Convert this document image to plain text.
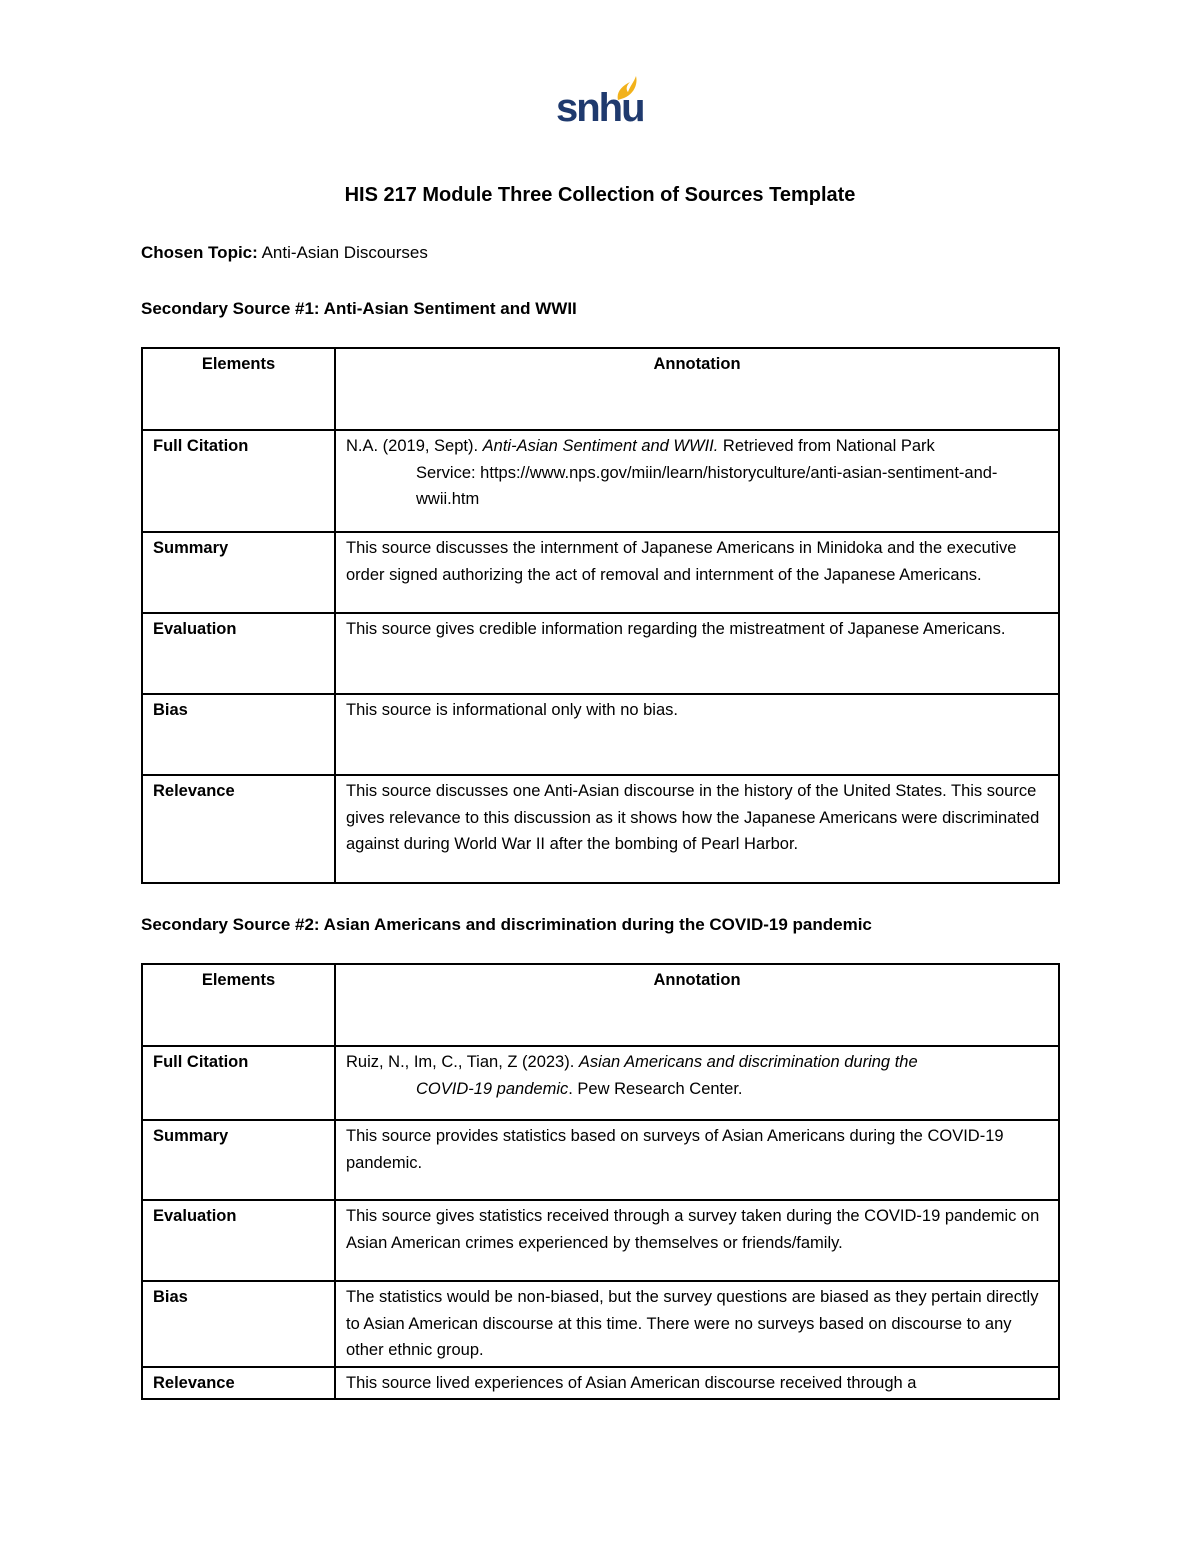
snhu
HIS 217 Module Three Collection of Sources Template
Chosen Topic: Anti-Asian Discourses
Secondary Source #1: Anti-Asian Sentiment and WWII
Elements	Annotation
Full Citation	N.A. (2019, Sept). Anti-Asian Sentiment and WWII. Retrieved from National Park
Service: https://www.nps.gov/miin/learn/historyculture/anti-asian-sentiment-and-wwii.htm

Summary	This source discusses the internment of Japanese Americans in Minidoka and the executive order signed authorizing the act of removal and internment of the Japanese Americans.
Evaluation	This source gives credible information regarding the mistreatment of Japanese Americans.
Bias	This source is informational only with no bias.
Relevance	This source discusses one Anti-Asian discourse in the history of the United States. This source gives relevance to this discussion as it shows how the Japanese Americans were discriminated against during World War II after the bombing of Pearl Harbor.
Secondary Source #2: Asian Americans and discrimination during the COVID-19 pandemic
Elements	Annotation
Full Citation	Ruiz, N., Im, C., Tian, Z (2023). Asian Americans and discrimination during the
COVID-19 pandemic. Pew Research Center.

Summary	This source provides statistics based on surveys of Asian Americans during the COVID-19 pandemic.
Evaluation	This source gives statistics received through a survey taken during the COVID-19 pandemic on Asian American crimes experienced by themselves or friends/family.
Bias	The statistics would be non-biased, but the survey questions are biased as they pertain directly to Asian American discourse at this time. There were no surveys based on discourse to any other ethnic group.
Relevance	This source lived experiences of Asian American discourse received through a
